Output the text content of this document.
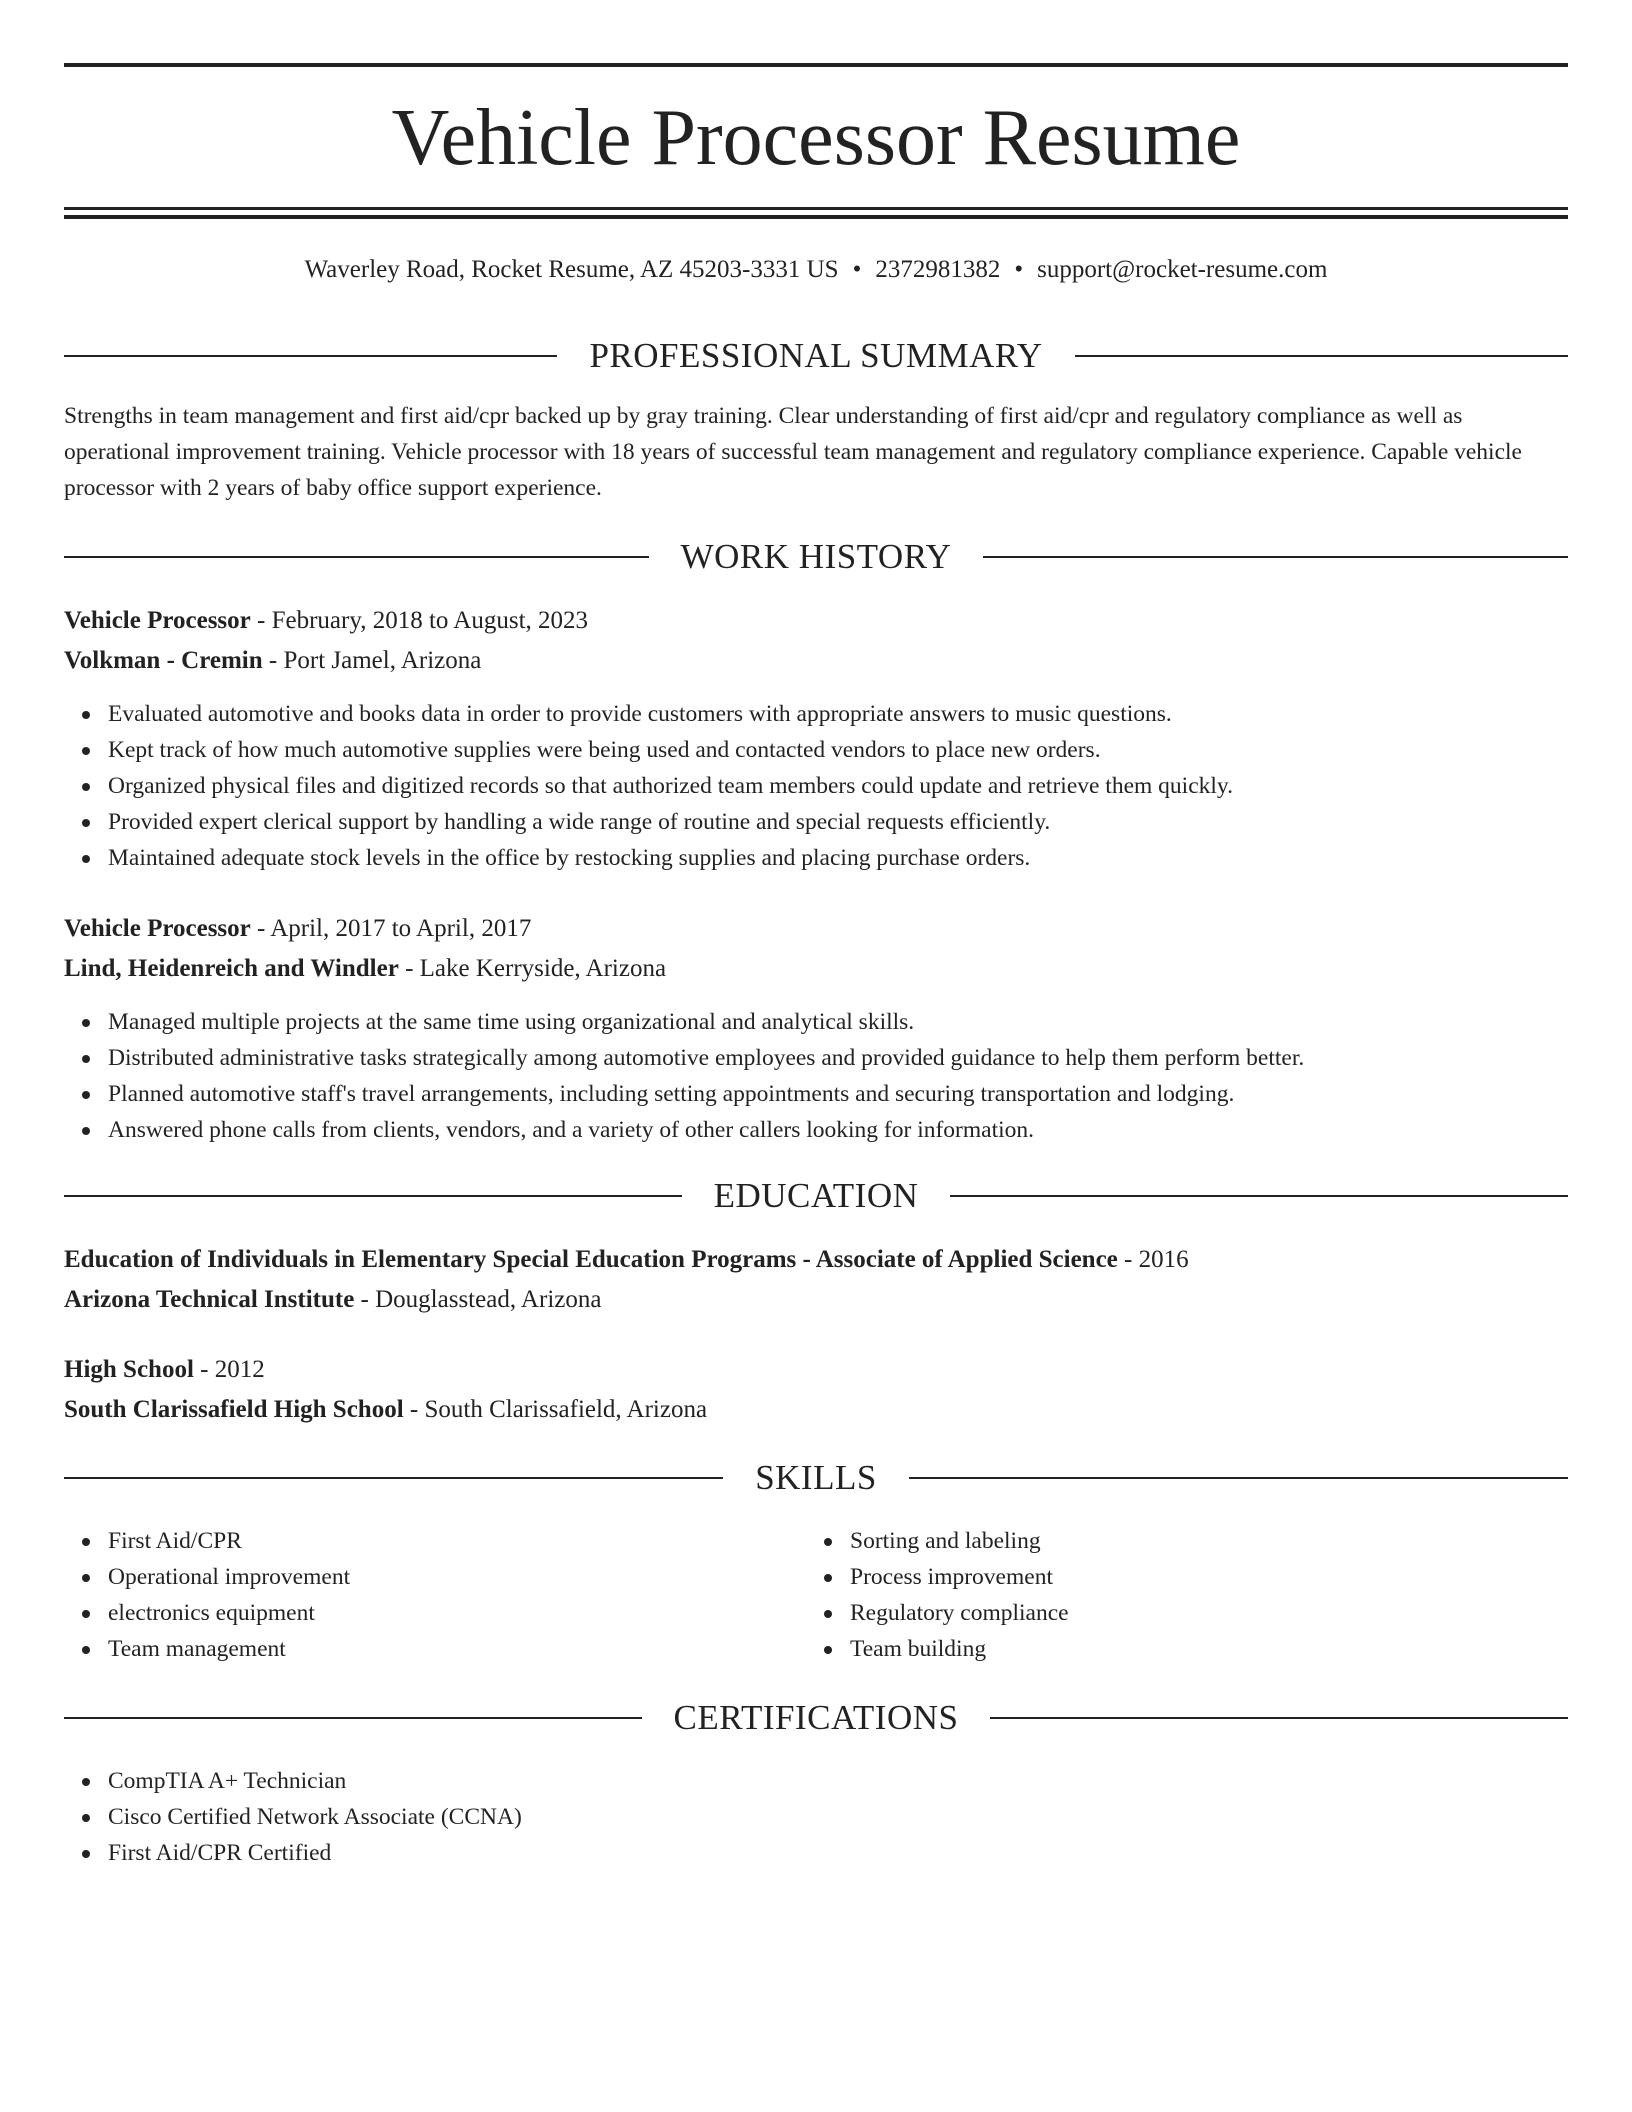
Vehicle Processor Resume
Waverley Road, Rocket Resume, AZ 45203-3331 US • 2372981382 • support@rocket-resume.com
PROFESSIONAL SUMMARY

Strengths in team management and first aid/cpr backed up by gray training. Clear understanding of first aid/cpr and regulatory compliance as well as operational improvement training. Vehicle processor with 18 years of successful team management and regulatory compliance experience. Capable vehicle processor with 2 years of baby office support experience.

WORK HISTORY
Vehicle Processor - February, 2018 to August, 2023
Volkman - Cremin - Port Jamel, Arizona
Evaluated automotive and books data in order to provide customers with appropriate answers to music questions.
Kept track of how much automotive supplies were being used and contacted vendors to place new orders.
Organized physical files and digitized records so that authorized team members could update and retrieve them quickly.
Provided expert clerical support by handling a wide range of routine and special requests efficiently.
Maintained adequate stock levels in the office by restocking supplies and placing purchase orders.
Vehicle Processor - April, 2017 to April, 2017
Lind, Heidenreich and Windler - Lake Kerryside, Arizona
Managed multiple projects at the same time using organizational and analytical skills.
Distributed administrative tasks strategically among automotive employees and provided guidance to help them perform better.
Planned automotive staff's travel arrangements, including setting appointments and securing transportation and lodging.
Answered phone calls from clients, vendors, and a variety of other callers looking for information.
EDUCATION
Education of Individuals in Elementary Special Education Programs - Associate of Applied Science - 2016
Arizona Technical Institute - Douglasstead, Arizona
High School - 2012
South Clarissafield High School - South Clarissafield, Arizona
SKILLS
First Aid/CPR
Operational improvement
electronics equipment
Team management
Sorting and labeling
Process improvement
Regulatory compliance
Team building
CERTIFICATIONS
CompTIA A+ Technician
Cisco Certified Network Associate (CCNA)
First Aid/CPR Certified
